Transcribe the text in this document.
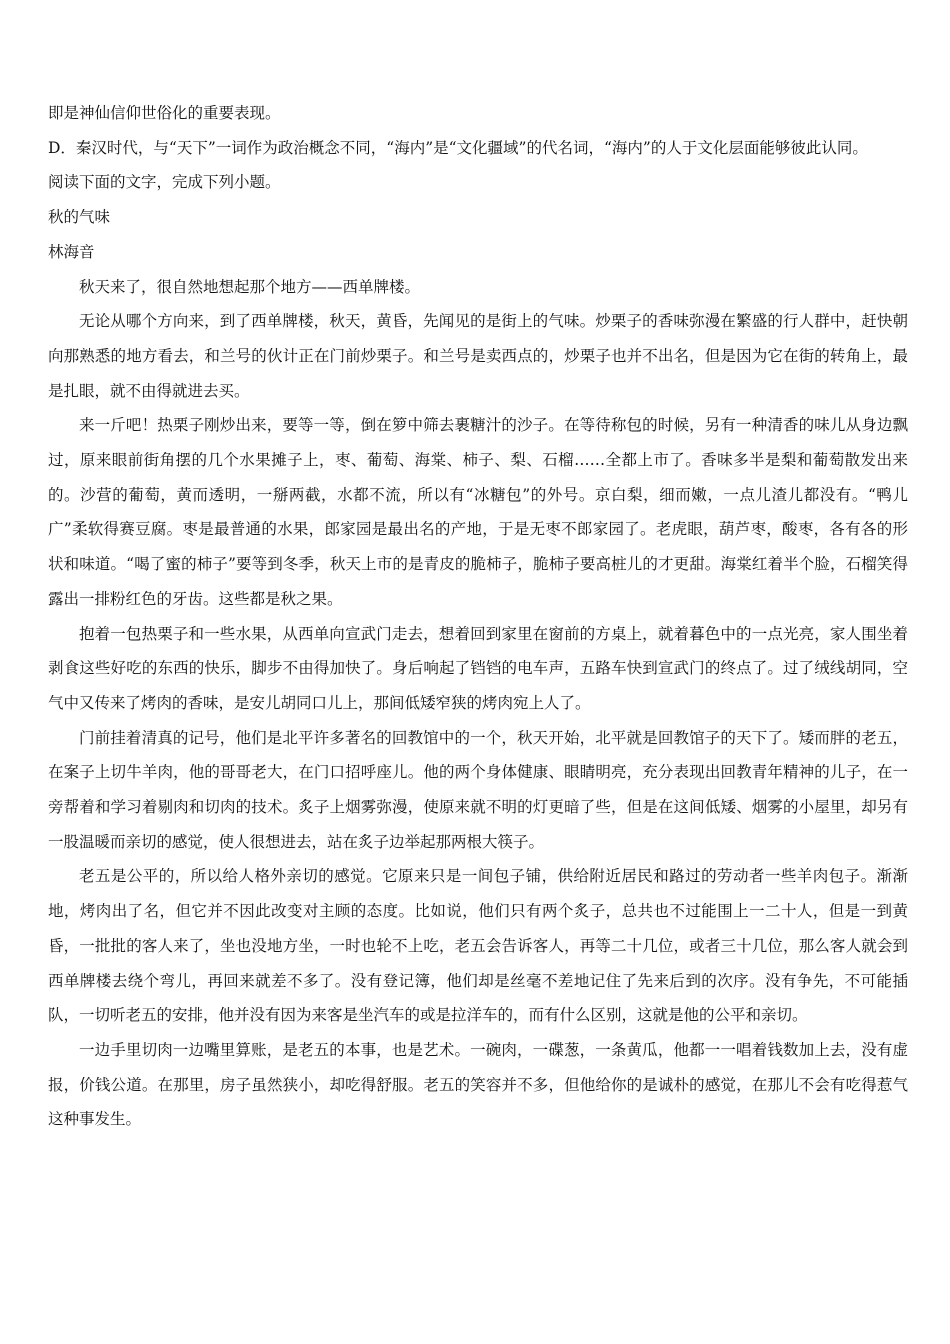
即是神仙信仰世俗化的重要表现。

D．秦汉时代，与“天下”一词作为政治概念不同，“海内”是“文化疆域”的代名词，“海内”的人于文化层面能够彼此认同。

阅读下面的文字，完成下列小题。

秋的气味

林海音

秋天来了，很自然地想起那个地方——西单牌楼。

无论从哪个方向来，到了西单牌楼，秋天，黄昏，先闻见的是街上的气味。炒栗子的香味弥漫在繁盛的行人群中，赶快朝向那熟悉的地方看去，和兰号的伙计正在门前炒栗子。和兰号是卖西点的，炒栗子也并不出名，但是因为它在街的转角上，最是扎眼，就不由得就进去买。

来一斤吧！热栗子刚炒出来，要等一等，倒在箩中筛去裹糖汁的沙子。在等待称包的时候，另有一种清香的味儿从身边飘过，原来眼前街角摆的几个水果摊子上，枣、葡萄、海棠、柿子、梨、石榴……全都上市了。香味多半是梨和葡萄散发出来的。沙营的葡萄，黄而透明，一掰两截，水都不流，所以有“冰糖包”的外号。京白梨，细而嫩，一点儿渣儿都没有。“鸭儿广”柔软得赛豆腐。枣是最普通的水果，郎家园是最出名的产地，于是无枣不郎家园了。老虎眼，葫芦枣，酸枣，各有各的形状和味道。“喝了蜜的柿子”要等到冬季，秋天上市的是青皮的脆柿子，脆柿子要高桩儿的才更甜。海棠红着半个脸，石榴笑得露出一排粉红色的牙齿。这些都是秋之果。

抱着一包热栗子和一些水果，从西单向宣武门走去，想着回到家里在窗前的方桌上，就着暮色中的一点光亮，家人围坐着剥食这些好吃的东西的快乐，脚步不由得加快了。身后响起了铛铛的电车声，五路车快到宣武门的终点了。过了绒线胡同，空气中又传来了烤肉的香味，是安儿胡同口儿上，那间低矮窄狭的烤肉宛上人了。

门前挂着清真的记号，他们是北平许多著名的回教馆中的一个，秋天开始，北平就是回教馆子的天下了。矮而胖的老五，在案子上切牛羊肉，他的哥哥老大，在门口招呼座儿。他的两个身体健康、眼睛明亮，充分表现出回教青年精神的儿子，在一旁帮着和学习着剔肉和切肉的技术。炙子上烟雾弥漫，使原来就不明的灯更暗了些，但是在这间低矮、烟雾的小屋里，却另有一股温暖而亲切的感觉，使人很想进去，站在炙子边举起那两根大筷子。

老五是公平的，所以给人格外亲切的感觉。它原来只是一间包子铺，供给附近居民和路过的劳动者一些羊肉包子。渐渐地，烤肉出了名，但它并不因此改变对主顾的态度。比如说，他们只有两个炙子，总共也不过能围上一二十人，但是一到黄昏，一批批的客人来了，坐也没地方坐，一时也轮不上吃，老五会告诉客人，再等二十几位，或者三十几位，那么客人就会到西单牌楼去绕个弯儿，再回来就差不多了。没有登记簿，他们却是丝毫不差地记住了先来后到的次序。没有争先，不可能插队，一切听老五的安排，他并没有因为来客是坐汽车的或是拉洋车的，而有什么区别，这就是他的公平和亲切。

一边手里切肉一边嘴里算账，是老五的本事，也是艺术。一碗肉，一碟葱，一条黄瓜，他都一一唱着钱数加上去，没有虚报，价钱公道。在那里，房子虽然狭小，却吃得舒服。老五的笑容并不多，但他给你的是诚朴的感觉，在那儿不会有吃得惹气这种事发生。
